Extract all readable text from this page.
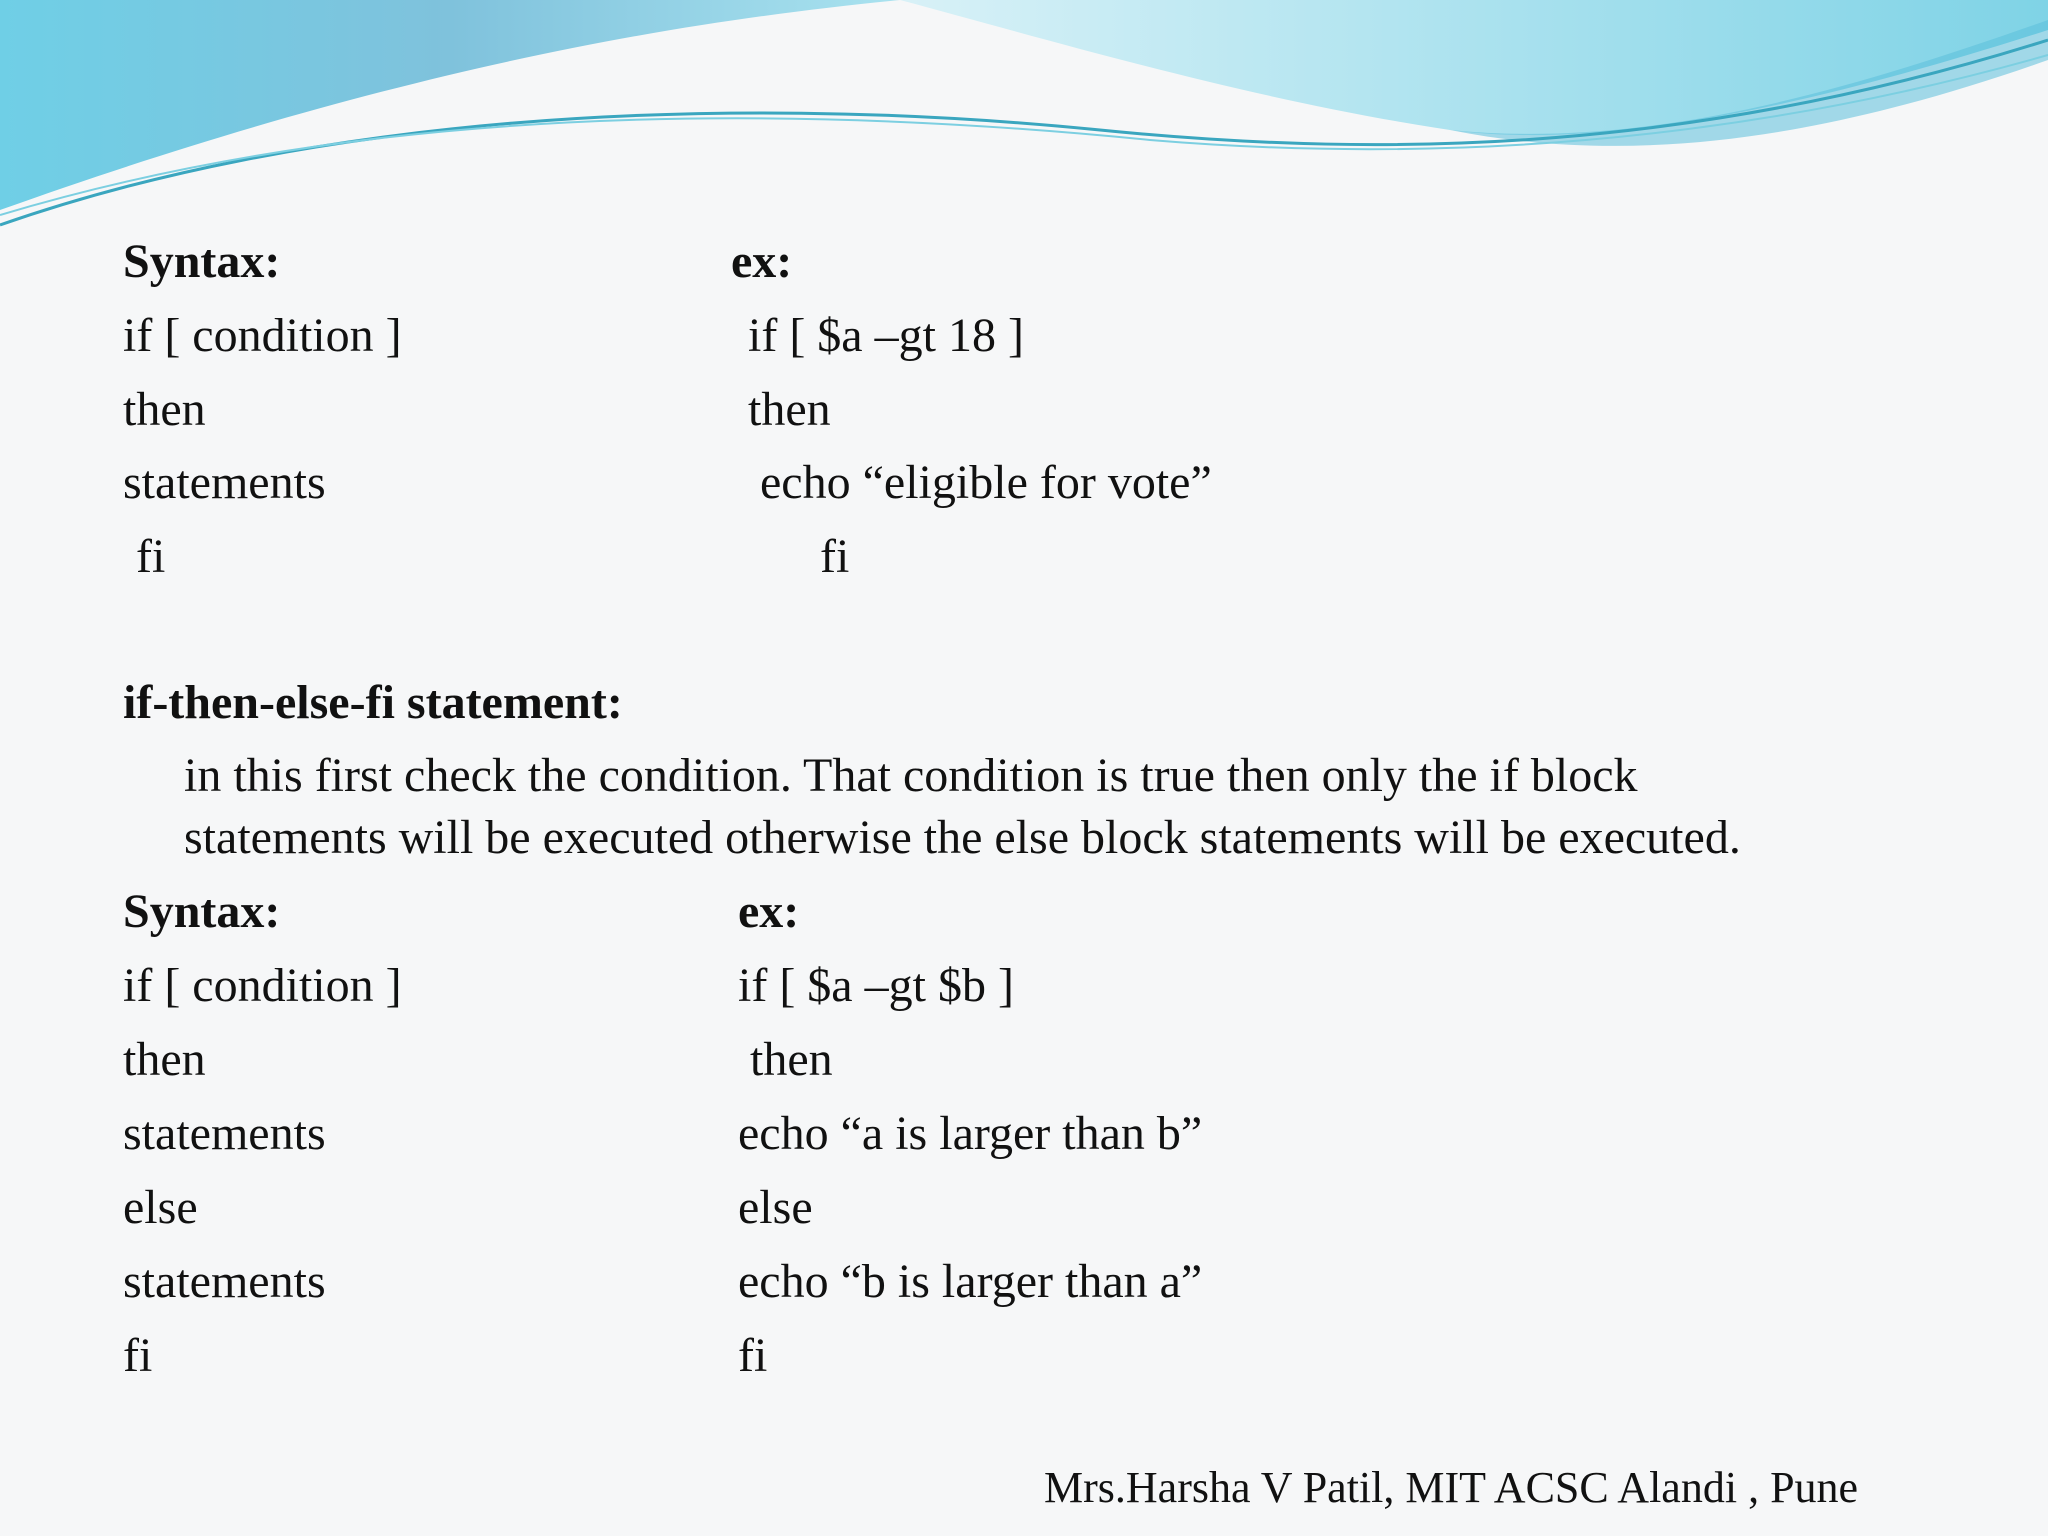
Syntax:	ex:
if [ condition ]
then
statements
fi
if [ $a –gt 18 ]
then
echo “eligible for vote”
fi
if-then-else-fi statement:
in this first check the condition. That condition is true then only the if block
statements will be executed otherwise the else block statements will be executed.
Syntax:	ex:
if [ condition ]
then
statements
else
statements
fi
if [ $a –gt $b ]
then
echo “a is larger than b”
else
echo “b is larger than a”
fi
Mrs.Harsha V Patil, MIT ACSC Alandi , Pune
